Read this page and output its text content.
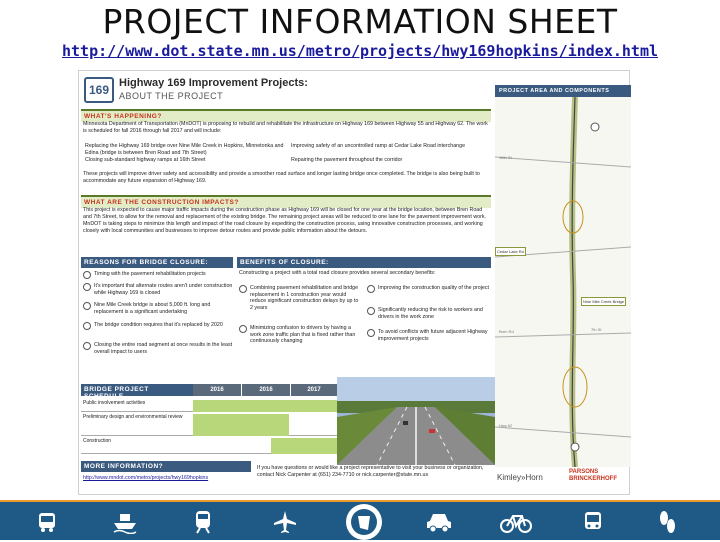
PROJECT INFORMATION SHEET
http://www.dot.state.mn.us/metro/projects/hwy169hopkins/index.html
169 Highway 169 Improvement Projects:
ABOUT THE PROJECT
WHAT'S HAPPENING?
Minnesota Department of Transportation (MnDOT) is proposing to rebuild and rehabilitate the infrastructure on Highway 169 between Highway 55 and Highway 62. The work is scheduled for fall 2016 through fall 2017 and will include:
Replacing the Highway 169 bridge over Nine Mile Creek in Hopkins, Minnetonka and Edina (bridge is between Bren Road and 7th Street)
Closing sub-standard highway ramps at 16th Street
Improving safety of an uncontrolled ramp at Cedar Lake Road interchange
Repairing the pavement throughout the corridor
These projects will improve driver safety and accessibility and provide a smoother road surface and longer lasting bridge once completed. The bridge is also being built to accommodate any future expansion of Highway 169.
WHAT ARE THE CONSTRUCTION IMPACTS?
This project is expected to cause major traffic impacts during the construction phase as Highway 169 will be closed for one year at the bridge location, between Bren Road and 7th Street, to allow for the removal and replacement of the existing bridge. The remaining project areas will be reduced to one lane for the pavement improvement work. MnDOT is taking steps to minimize this length and impact of the road closure by expediting the construction process, using innovative construction processes, and working closely with local communities and businesses to improve detour routes and provide public information about the detours.
REASONS FOR BRIDGE CLOSURE:	BENEFITS OF CLOSURE:
Timing with the pavement rehabilitation projects
It's important that alternate routes aren't under construction while Highway 169 is closed
Nine Mile Creek bridge is about 5,000 ft. long and replacement is a significant undertaking
The bridge condition requires that it's replaced by 2020
Closing the entire road segment at once results in the least overall impact to users
Constructing a project with a total road closure provides several secondary benefits:
Combining pavement rehabilitation and bridge replacement in 1 construction year would reduce significant construction delays by up to 2 years
Minimizing confusion to drivers by having a work zone traffic plan that is fixed rather than continuously changing
Improving the construction quality of the project
Significantly reducing the risk to workers and drivers in the work zone
To avoid conflicts with future adjacent Highway improvement projects
BRIDGE PROJECT SCHEDULE
2016	2016	2017
Public involvement activities
Preliminary design and environmental review
Construction
MORE INFORMATION?
http://www.mndot.com/metro/projects/hwy169hopkins
If you have questions or would like a project representative to visit your business or organization, contact Nick Carpenter at (651) 234-7710 or nick.carpenter@state.mn.us
PROJECT AREA AND COMPONENTS
Cedar Lake Rd
Nine Mile Creek Bridge
16th St
Bren Rd	7th St
Hwy 62
Kimley»Horn
PARSONS BRINCKERHOFF
